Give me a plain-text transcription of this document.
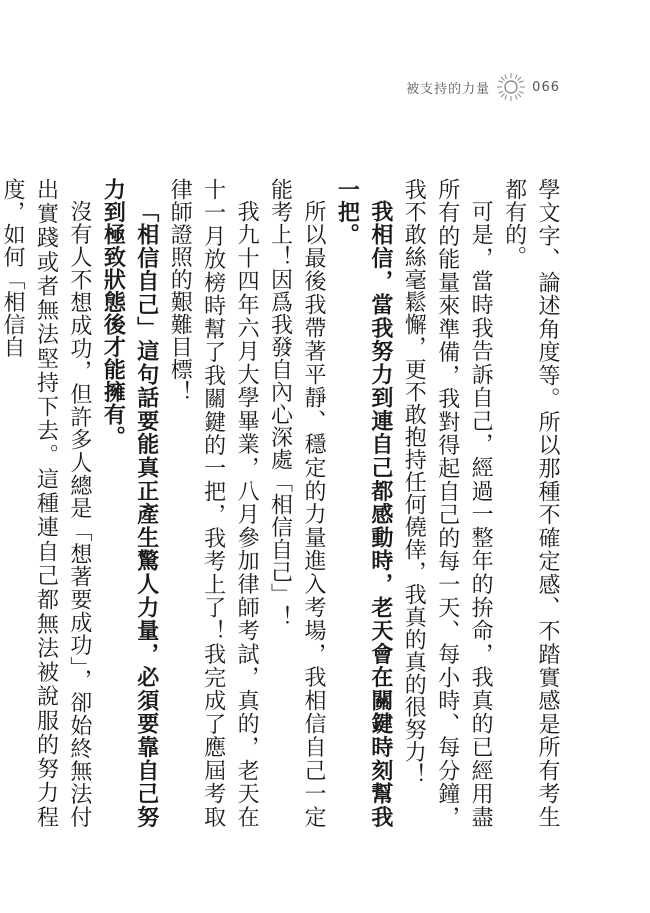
被支持的力量	066

學文字、論述角度等。所以那種不確定感、不踏實感是所有考生都有的。

可是，當時我告訴自己，經過一整年的拚命，我真的已經用盡所有的能量來準備，我對得起自己的每一天、每小時、每分鐘，我不敢絲毫鬆懈，更不敢抱持任何僥倖，我真的真的很努力！

我相信，當我努力到連自己都感動時，老天會在關鍵時刻幫我一把。

所以最後我帶著平靜、穩定的力量進入考場，我相信自己一定能考上！因爲我發自內心深處「相信自己」！

我九十四年六月大學畢業，八月參加律師考試，真的，老天在十一月放榜時幫了我關鍵的一把，我考上了！我完成了應屆考取律師證照的艱難目標！

「相信自己」這句話要能真正產生驚人力量，必須要靠自己努力到極致狀態後才能擁有。

沒有人不想成功，但許多人總是「想著要成功」，卻始終無法付出實踐或者無法堅持下去。這種連自己都無法被說服的努力程度，如何「相信自
